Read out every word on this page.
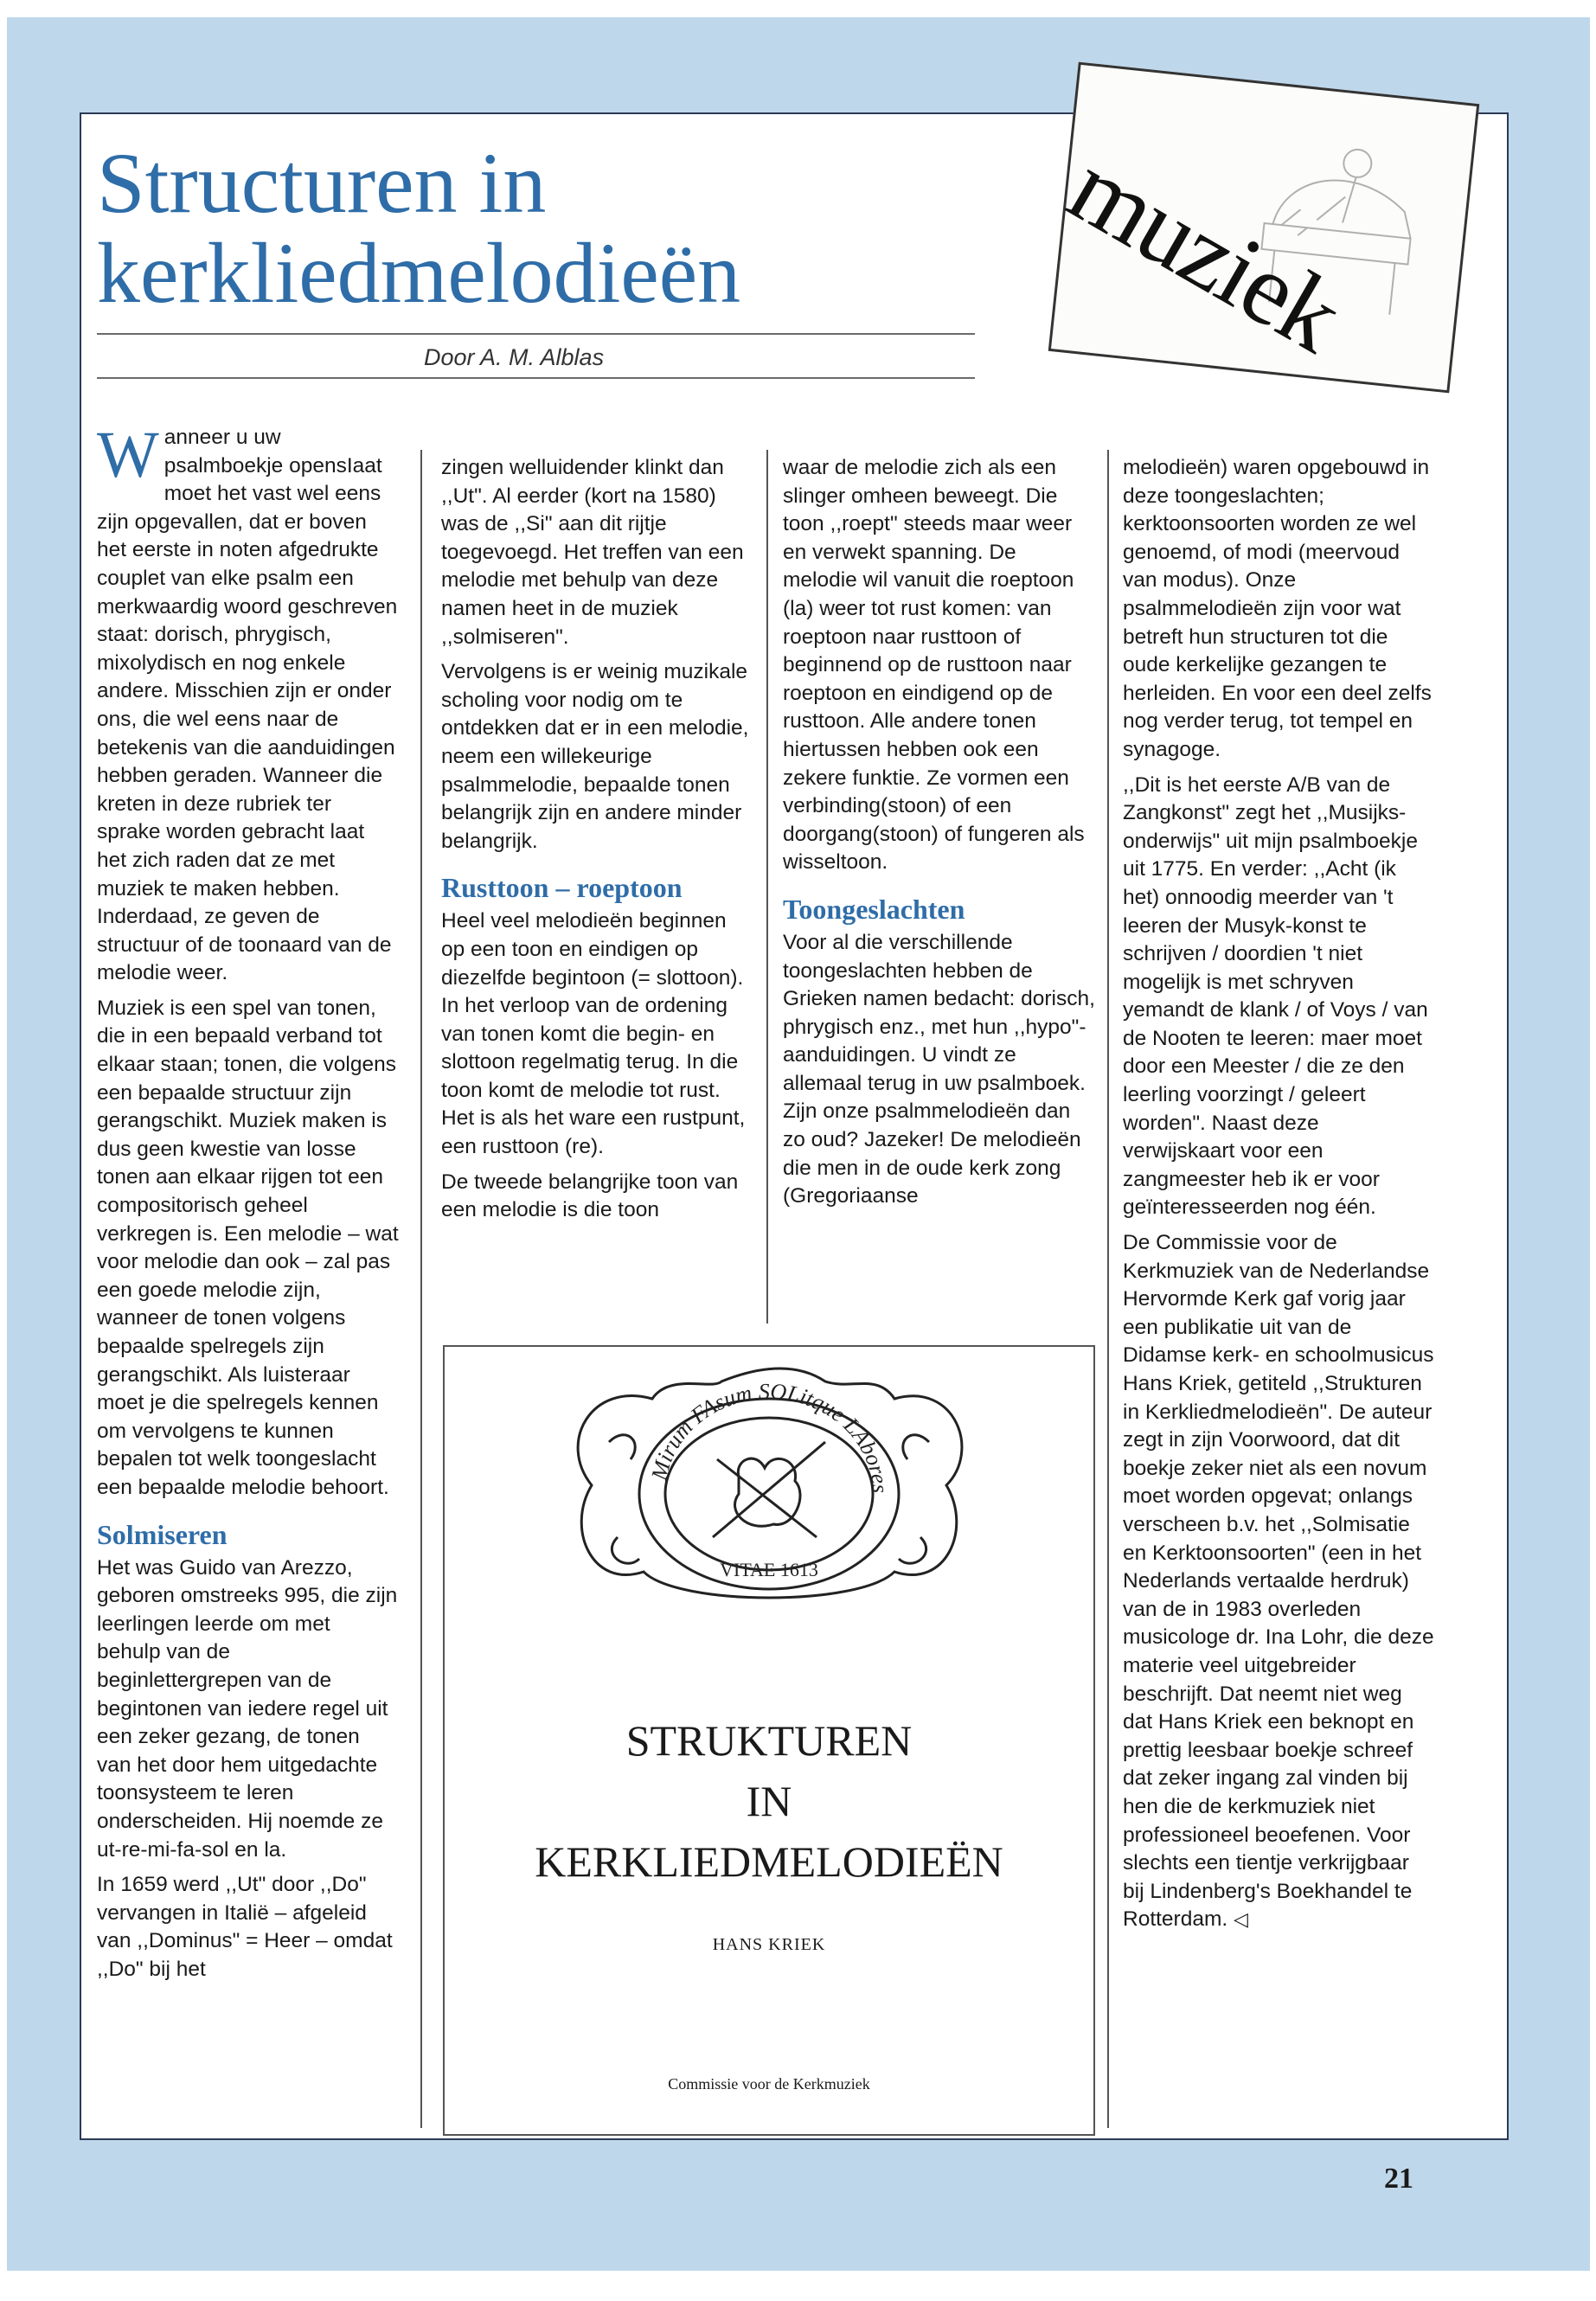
Structuren in
kerkliedmelodieën
Door A. M. Alblas	muziek

Wanneer u uw psalmboekje opensIaat moet het vast wel eens zijn opgevallen, dat er boven het eerste in noten afgedrukte couplet van elke psalm een merkwaardig woord geschreven staat: dorisch, phrygisch, mixolydisch en nog enkele andere. Misschien zijn er onder ons, die wel eens naar de betekenis van die aanduidingen hebben geraden. Wanneer die kreten in deze rubriek ter sprake worden gebracht laat het zich raden dat ze met muziek te maken hebben. Inderdaad, ze geven de structuur of de toonaard van de melodie weer.

Muziek is een spel van tonen, die in een bepaald verband tot elkaar staan; tonen, die volgens een bepaalde structuur zijn gerangschikt. Muziek maken is dus geen kwestie van losse tonen aan elkaar rijgen tot een compositorisch geheel verkregen is. Een melodie – wat voor melodie dan ook – zal pas een goede melodie zijn, wanneer de tonen volgens bepaalde spelregels zijn gerangschikt. Als luisteraar moet je die spelregels kennen om vervolgens te kunnen bepalen tot welk toongeslacht een bepaalde melodie behoort.

Solmiseren

Het was Guido van Arezzo, geboren omstreeks 995, die zijn leerlingen leerde om met behulp van de beginlettergrepen van de begintonen van iedere regel uit een zeker gezang, de tonen van het door hem uitgedachte toonsysteem te leren onderscheiden. Hij noemde ze ut-re-mi-fa-sol en la.

In 1659 werd ,,Ut" door ,,Do" vervangen in Italië – afgeleid van ,,Dominus" = Heer – omdat ,,Do" bij het

zingen welluidender klinkt dan ,,Ut". Al eerder (kort na 1580) was de ,,Si" aan dit rijtje toegevoegd. Het treffen van een melodie met behulp van deze namen heet in de muziek ,,solmiseren".

Vervolgens is er weinig muzikale scholing voor nodig om te ontdekken dat er in een melodie, neem een willekeurige psalmmelodie, bepaalde tonen belangrijk zijn en andere minder belangrijk.

Rusttoon – roeptoon

Heel veel melodieën beginnen op een toon en eindigen op diezelfde begintoon (= slottoon). In het verloop van de ordening van tonen komt die begin- en slottoon regelmatig terug. In die toon komt de melodie tot rust. Het is als het ware een rustpunt, een rusttoon (re).

De tweede belangrijke toon van een melodie is die toon

waar de melodie zich als een slinger omheen beweegt. Die toon ,,roept" steeds maar weer en verwekt spanning. De melodie wil vanuit die roeptoon (la) weer tot rust komen: van roeptoon naar rusttoon of beginnend op de rusttoon naar roeptoon en eindigend op de rusttoon. Alle andere tonen hiertussen hebben ook een zekere funktie. Ze vormen een verbinding(stoon) of een doorgang(stoon) of fungeren als wisseltoon.

Toongeslachten

Voor al die verschillende toongeslachten hebben de Grieken namen bedacht: dorisch, phrygisch enz., met hun ,,hypo"-aanduidingen. U vindt ze allemaal terug in uw psalmboek. Zijn onze psalmmelodieën dan zo oud? Jazeker! De melodieën die men in de oude kerk zong (Gregoriaanse

melodieën) waren opgebouwd in deze toongeslachten; kerktoonsoorten worden ze wel genoemd, of modi (meervoud van modus). Onze psalmmelodieën zijn voor wat betreft hun structuren tot die oude kerkelijke gezangen te herleiden. En voor een deel zelfs nog verder terug, tot tempel en synagoge.

,,Dit is het eerste A/B van de Zangkonst" zegt het ,,Musijks-onderwijs" uit mijn psalmboekje uit 1775. En verder: ,,Acht (ik het) onnoodig meerder van 't leeren der Musyk-konst te schrijven / doordien 't niet mogelijk is met schryven yemandt de klank / of Voys / van de Nooten te leeren: maer moet door een Meester / die ze den leerling voorzingt / geleert worden". Naast deze verwijskaart voor een zangmeester heb ik er voor geïnteresseerden nog één.

De Commissie voor de Kerkmuziek van de Nederlandse Hervormde Kerk gaf vorig jaar een publikatie uit van de Didamse kerk- en schoolmusicus Hans Kriek, getiteld ,,Strukturen in Kerkliedmelodieën". De auteur zegt in zijn Voorwoord, dat dit boekje zeker niet als een novum moet worden opgevat; onlangs verscheen b.v. het ,,Solmisatie en Kerktoonsoorten" (een in het Nederlands vertaalde herdruk) van de in 1983 overleden musicologe dr. Ina Lohr, die deze materie veel uitgebreider beschrijft. Dat neemt niet weg dat Hans Kriek een beknopt en prettig leesbaar boekje schreef dat zeker ingang zal vinden bij hen die de kerkmuziek niet professioneel beoefenen. Voor slechts een tientje verkrijgbaar bij Lindenberg's Boekhandel te Rotterdam. ◁

Mirum FAsum SOLitque LAbores
VITAE 1613
STRUKTUREN
IN
KERKLIEDMELODIEËN
HANS KRIEK
Commissie voor de Kerkmuziek
21
